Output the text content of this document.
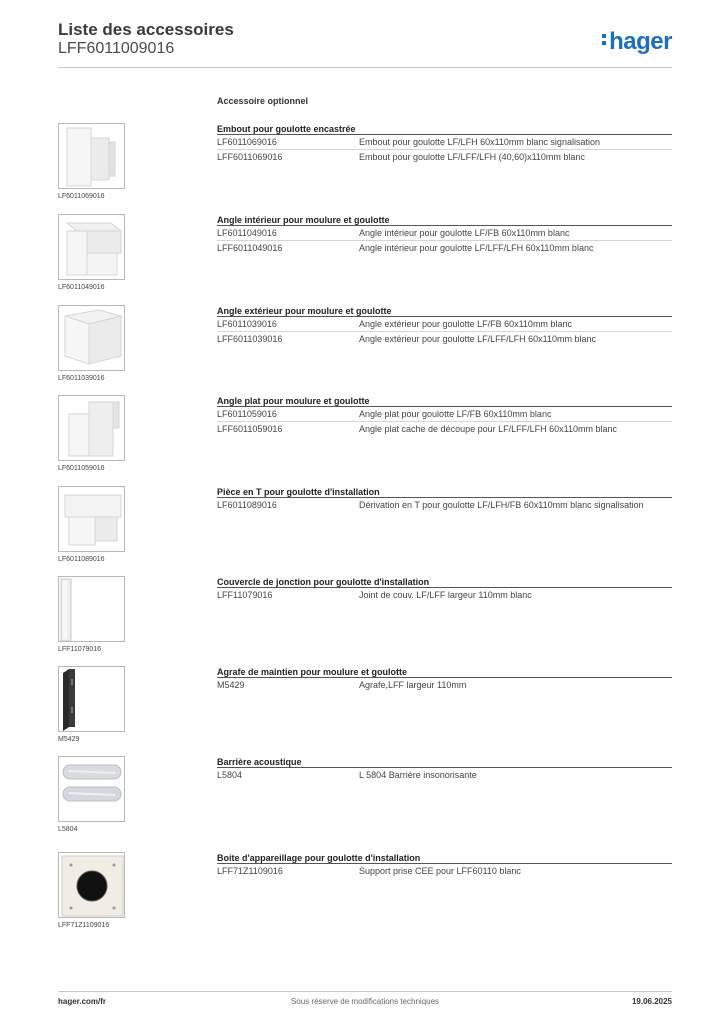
Liste des accessoires
LFF6011009016	hager
Accessoire optionnel
LF6011069016
Embout pour goulotte encastrée
LF6011069016	Embout pour goulotte LF/LFH 60x110mm blanc signalisation
LFF6011069016	Embout pour goulotte LF/LFF/LFH (40,60)x110mm blanc
LF6011049016
Angle intérieur pour moulure et goulotte
LF6011049016	Angle intérieur pour goulotte LF/FB 60x110mm blanc
LFF6011049016	Angle intérieur pour goulotte LF/LFF/LFH 60x110mm blanc
LF6011039016
Angle extérieur pour moulure et goulotte
LF6011039016	Angle extérieur pour goulotte LF/FB 60x110mm blanc
LFF6011039016	Angle extérieur pour goulotte LF/LFF/LFH 60x110mm blanc
LF6011059016
Angle plat pour moulure et goulotte
LF6011059016	Angle plat pour goulotte LF/FB 60x110mm blanc
LFF6011059016	Angle plat cache de découpe pour LF/LFF/LFH 60x110mm blanc
LF6011089016
Pièce en T pour goulotte d'installation
LF6011089016	Dérivation en T pour goulotte LF/LFH/FB 60x110mm blanc signalisation
LFF11079016
Couvercle de jonction pour goulotte d'installation
LFF11079016	Joint de couv. LF/LFF largeur 110mm blanc
M5429
Agrafe de maintien pour moulure et goulotte
M5429	Agrafe,LFF largeur 110mm
L5804
Barrière acoustique
L5804	L 5804 Barrière insonorisante
LFF71Z1109016
Boite d'appareillage pour goulotte d'installation
LFF71Z1109016	Support prise CEE pour LFF60110 blanc
hager.com/fr	Sous réserve de modifications techniques	19.06.2025
